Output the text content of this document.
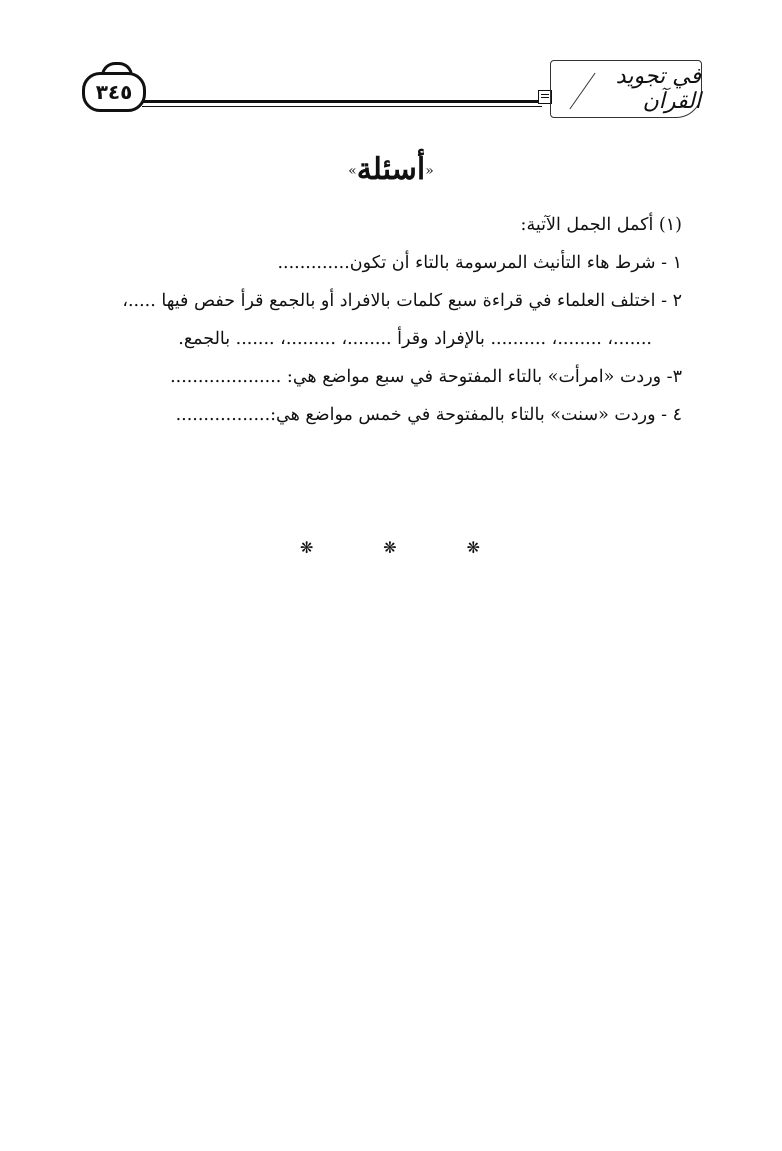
٣٤٥
في تجويد القرآن
«أسئلة»
(١) أكمل الجمل الآتية:
١ - شرط هاء التأنيث المرسومة بالتاء أن تكون.............
٢ - اختلف العلماء في قراءة سبع كلمات بالافراد أو بالجمع قرأ حفص فيها .....،
.......، ........، .......... بالإفراد وقرأ ........، .........، ....... بالجمع.
٣- وردت «امرأت» بالتاء المفتوحة في سبع مواضع هي: ....................
٤ - وردت «سنت» بالتاء بالمفتوحة في خمس مواضع هي:.................
❋	❋	❋
